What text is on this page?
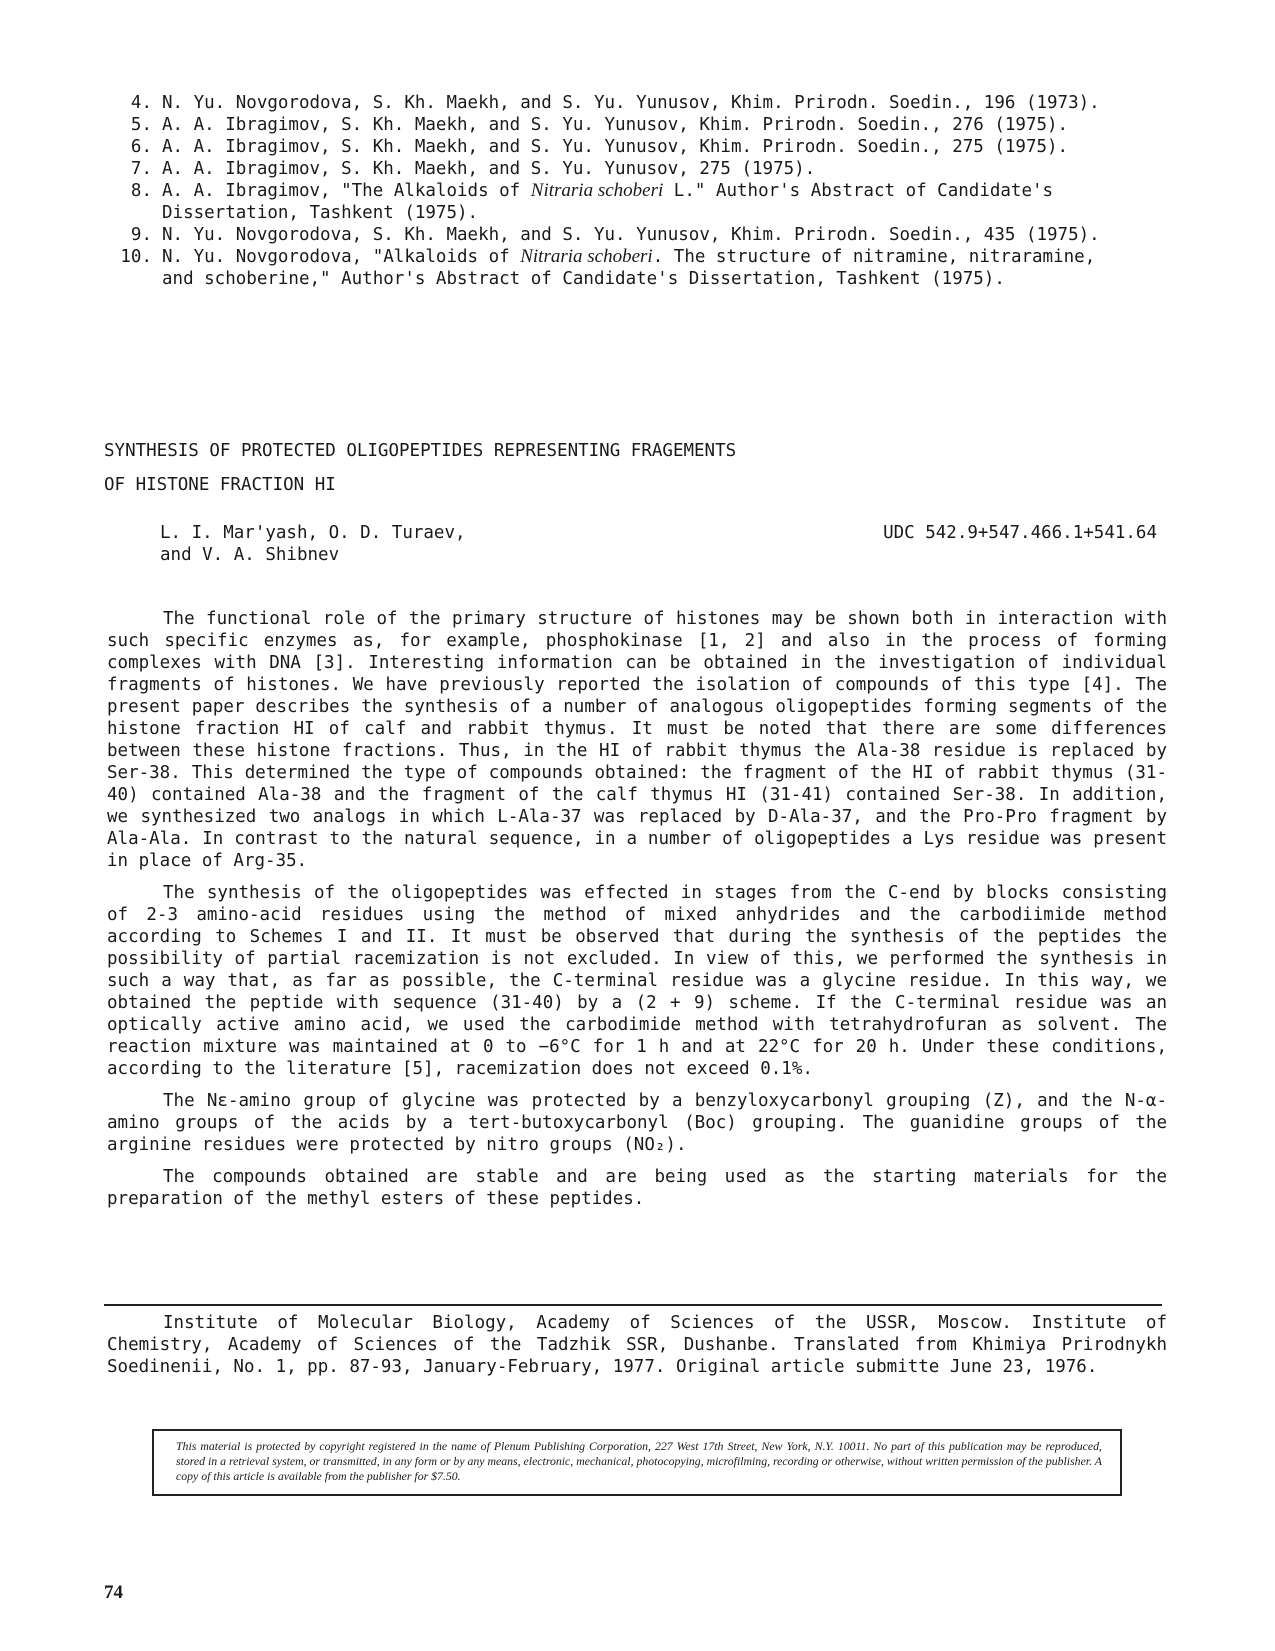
4. N. Yu. Novgorodova, S. Kh. Maekh, and S. Yu. Yunusov, Khim. Prirodn. Soedin., 196 (1973).
5. A. A. Ibragimov, S. Kh. Maekh, and S. Yu. Yunusov, Khim. Prirodn. Soedin., 276 (1975).
6. A. A. Ibragimov, S. Kh. Maekh, and S. Yu. Yunusov, Khim. Prirodn. Soedin., 275 (1975).
7. A. A. Ibragimov, S. Kh. Maekh, and S. Yu. Yunusov, 275 (1975).
8. A. A. Ibragimov, "The Alkaloids of Nitraria schoberi L." Author's Abstract of Candidate's Dissertation, Tashkent (1975).
9. N. Yu. Novgorodova, S. Kh. Maekh, and S. Yu. Yunusov, Khim. Prirodn. Soedin., 435 (1975).
10. N. Yu. Novgorodova, "Alkaloids of Nitraria schoberi. The structure of nitramine, nitraramine, and schoberine," Author's Abstract of Candidate's Dissertation, Tashkent (1975).
SYNTHESIS OF PROTECTED OLIGOPEPTIDES REPRESENTING FRAGEMENTS
OF HISTONE FRACTION HI
L. I. Mar'yash, O. D. Turaev,
and V. A. Shibnev
UDC 542.9+547.466.1+541.64

The functional role of the primary structure of histones may be shown both in interaction with such specific enzymes as, for example, phosphokinase [1, 2] and also in the process of forming complexes with DNA [3]. Interesting information can be obtained in the investigation of individual fragments of histones. We have previously reported the isolation of compounds of this type [4]. The present paper describes the synthesis of a number of analogous oligopeptides forming segments of the histone fraction HI of calf and rabbit thymus. It must be noted that there are some differences between these histone fractions. Thus, in the HI of rabbit thymus the Ala-38 residue is replaced by Ser-38. This determined the type of compounds obtained: the fragment of the HI of rabbit thymus (31-40) contained Ala-38 and the fragment of the calf thymus HI (31-41) contained Ser-38. In addition, we synthesized two analogs in which L-Ala-37 was replaced by D-Ala-37, and the Pro-Pro fragment by Ala-Ala. In contrast to the natural sequence, in a number of oligopeptides a Lys residue was present in place of Arg-35.

The synthesis of the oligopeptides was effected in stages from the C-end by blocks consisting of 2-3 amino-acid residues using the method of mixed anhydrides and the carbodiimide method according to Schemes I and II. It must be observed that during the synthesis of the peptides the possibility of partial racemization is not excluded. In view of this, we performed the synthesis in such a way that, as far as possible, the C-terminal residue was a glycine residue. In this way, we obtained the peptide with sequence (31-40) by a (2 + 9) scheme. If the C-terminal residue was an optically active amino acid, we used the carbodimide method with tetrahydrofuran as solvent. The reaction mixture was maintained at 0 to −6°C for 1 h and at 22°C for 20 h. Under these conditions, according to the literature [5], racemization does not exceed 0.1%.

The Nε-amino group of glycine was protected by a benzyloxycarbonyl grouping (Z), and the N-α-amino groups of the acids by a tert-butoxycarbonyl (Boc) grouping. The guanidine groups of the arginine residues were protected by nitro groups (NO₂).

The compounds obtained are stable and are being used as the starting materials for the preparation of the methyl esters of these peptides.

Institute of Molecular Biology, Academy of Sciences of the USSR, Moscow. Institute of Chemistry, Academy of Sciences of the Tadzhik SSR, Dushanbe. Translated from Khimiya Prirodnykh Soedinenii, No. 1, pp. 87-93, January-February, 1977. Original article submitte June 23, 1976.
This material is protected by copyright registered in the name of Plenum Publishing Corporation, 227 West 17th Street, New York, N.Y. 10011. No part of this publication may be reproduced, stored in a retrieval system, or transmitted, in any form or by any means, electronic, mechanical, photocopying, microfilming, recording or otherwise, without written permission of the publisher. A copy of this article is available from the publisher for $7.50.
74
